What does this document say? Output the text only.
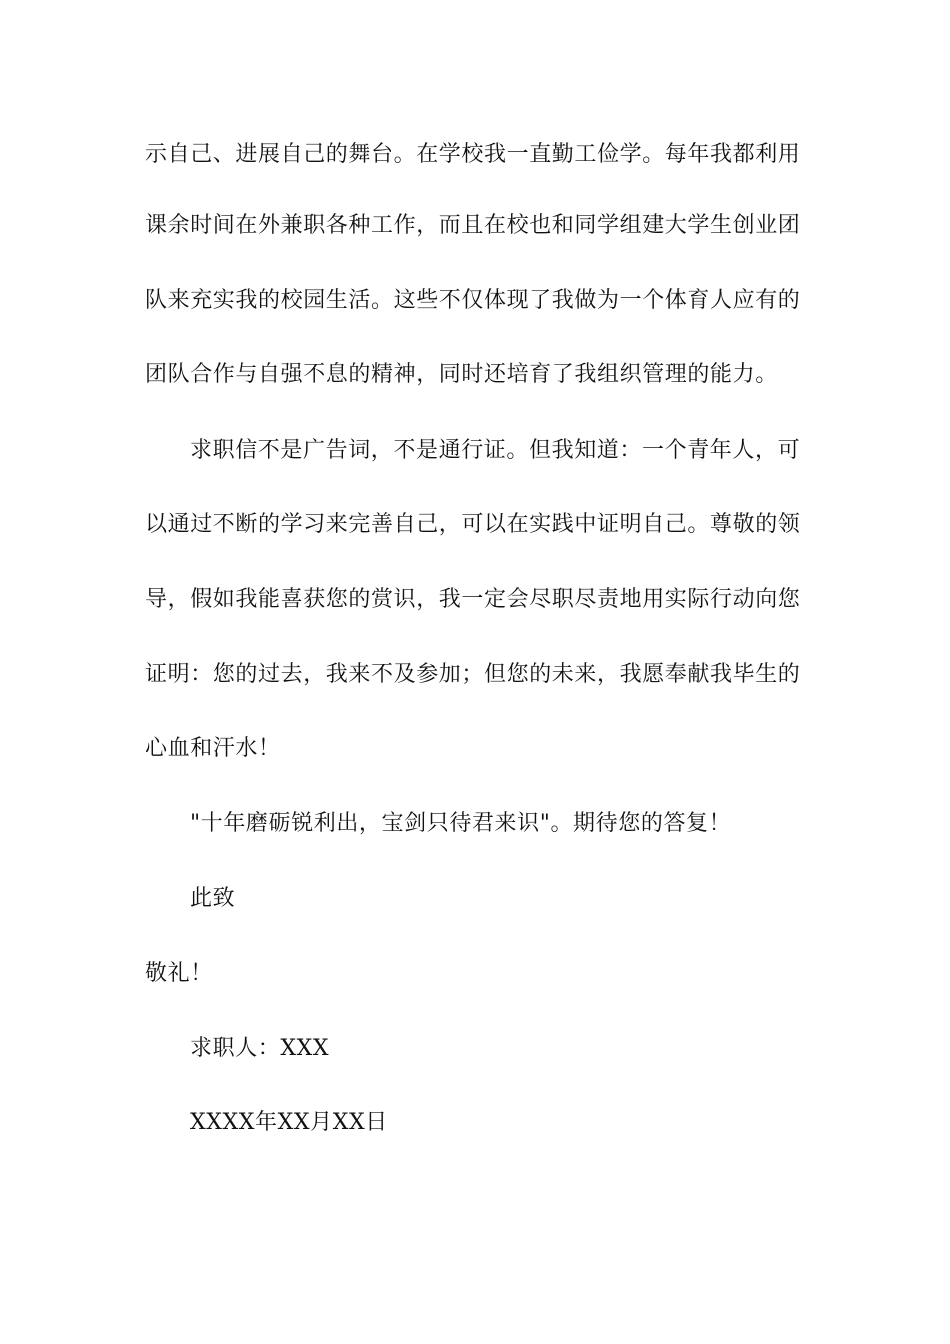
示自己、进展自己的舞台。在学校我一直勤工俭学。每年我都利用
课余时间在外兼职各种工作，而且在校也和同学组建大学生创业团
队来充实我的校园生活。这些不仅体现了我做为一个体育人应有的
团队合作与自强不息的精神，同时还培育了我组织管理的能力。
求职信不是广告词，不是通行证。但我知道：一个青年人，可
以通过不断的学习来完善自己，可以在实践中证明自己。尊敬的领
导，假如我能喜获您的赏识，我一定会尽职尽责地用实际行动向您
证明：您的过去，我来不及参加；但您的未来，我愿奉献我毕生的
心血和汗水！
"十年磨砺锐利出，宝剑只待君来识"。期待您的答复！
此致
敬礼！
求职人：XXX
XXXX年XX月XX日
